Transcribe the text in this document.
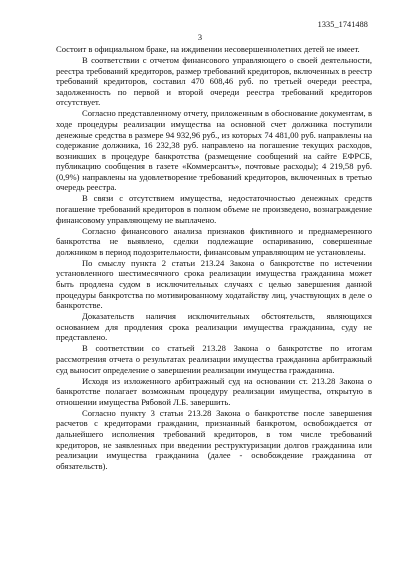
1335_1741488
3

Состоит в официальном браке, на иждивении несовершеннолетних детей не имеет.

В соответствии с отчетом финансового управляющего о своей деятельности, реестра требований кредиторов, размер требований кредиторов, включенных в реестр требований кредиторов, составил 470 608,46 руб. по третьей очереди реестра, задолженность по первой и второй очереди реестра требований кредиторов отсутствует.

Согласно представленному отчету, приложенным в обоснование документам, в ходе процедуры реализации имущества на основной счет должника поступили денежные средства в размере 94 932,96 руб., из которых 74 481,00 руб. направлены на содержание должника, 16 232,38 руб. направлено на погашение текущих расходов, возникших в процедуре банкротства (размещение сообщений на сайте ЕФРСБ, публикацию сообщения в газете «Коммерсантъ», почтовые расходы); 4 219,58 руб. (0,9%) направлены на удовлетворение требований кредиторов, включенных в третью очередь реестра.

В связи с отсутствием имущества, недостаточностью денежных средств погашение требований кредиторов в полном объеме не произведено, вознаграждение финансовому управляющему не выплачено.

Согласно финансового анализа признаков фиктивного и преднамеренного банкротства не выявлено, сделки подлежащие оспариванию, совершенные должником в период подозрительности, финансовым управляющим не установлены.

По смыслу пункта 2 статьи 213.24 Закона о банкротстве по истечении установленного шестимесячного срока реализации имущества гражданина может быть продлена судом в исключительных случаях с целью завершения данной процедуры банкротства по мотивированному ходатайству лиц, участвующих в деле о банкротстве.

Доказательств наличия исключительных обстоятельств, являющихся основанием для продления срока реализации имущества гражданина, суду не представлено.

В соответствии со статьей 213.28 Закона о банкротстве по итогам рассмотрения отчета о результатах реализации имущества гражданина арбитражный суд выносит определение о завершении реализации имущества гражданина.

Исходя из изложенного арбитражный суд на основании ст. 213.28 Закона о банкротстве полагает возможным процедуру реализации имущества, открытую в отношении имущества Рябовой Л.Б. завершить.

Согласно пункту 3 статьи 213.28 Закона о банкротстве после завершения расчетов с кредиторами гражданин, признанный банкротом, освобождается от дальнейшего исполнения требований кредиторов, в том числе требований кредиторов, не заявленных при введении реструктуризации долгов гражданина или реализации имущества гражданина (далее - освобождение гражданина от обязательств).
